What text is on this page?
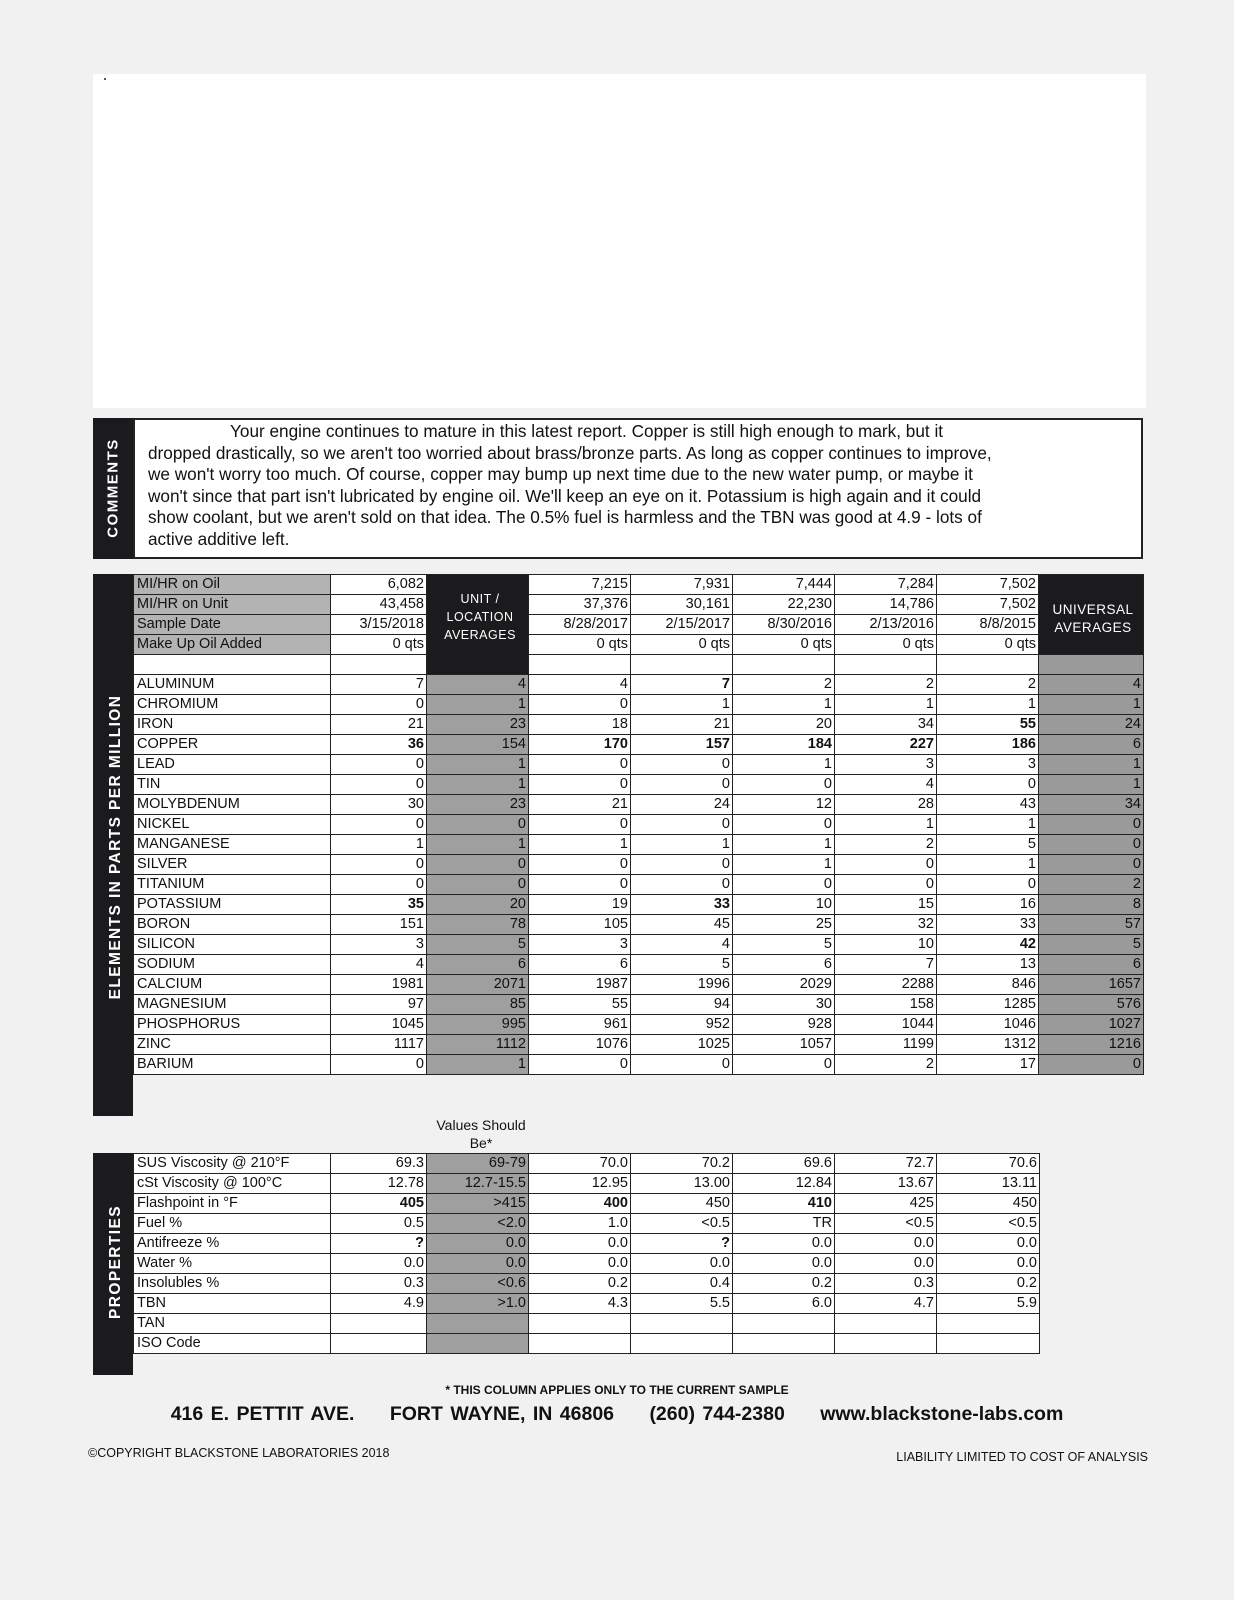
COMMENTS
Your engine continues to mature in this latest report. Copper is still high enough to mark, but it dropped drastically, so we aren't too worried about brass/bronze parts. As long as copper continues to improve, we won't worry too much. Of course, copper may bump up next time due to the new water pump, or maybe it won't since that part isn't lubricated by engine oil. We'll keep an eye on it. Potassium is high again and it could show coolant, but we aren't sold on that idea. The 0.5% fuel is harmless and the TBN was good at 4.9 - lots of active additive left.
ELEMENTS IN PARTS PER MILLION
MI/HR on Oil	6,082		7,215	7,931	7,444	7,284	7,502	
MI/HR on Unit	43,458		37,376	30,161	22,230	14,786	7,502	
Sample Date	3/15/2018		8/28/2017	2/15/2017	8/30/2016	2/13/2016	8/8/2015	
Make Up Oil Added	0 qts		0 qts	0 qts	0 qts	0 qts	0 qts	

ALUMINUM	7	4	4	7	2	2	2	4
CHROMIUM	0	1	0	1	1	1	1	1
IRON	21	23	18	21	20	34	55	24
COPPER	36	154	170	157	184	227	186	6
LEAD	0	1	0	0	1	3	3	1
TIN	0	1	0	0	0	4	0	1
MOLYBDENUM	30	23	21	24	12	28	43	34
NICKEL	0	0	0	0	0	1	1	0
MANGANESE	1	1	1	1	1	2	5	0
SILVER	0	0	0	0	1	0	1	0
TITANIUM	0	0	0	0	0	0	0	2
POTASSIUM	35	20	19	33	10	15	16	8
BORON	151	78	105	45	25	32	33	57
SILICON	3	5	3	4	5	10	42	5
SODIUM	4	6	6	5	6	7	13	6
CALCIUM	1981	2071	1987	1996	2029	2288	846	1657
MAGNESIUM	97	85	55	94	30	158	1285	576
PHOSPHORUS	1045	995	961	952	928	1044	1046	1027
ZINC	1117	1112	1076	1025	1057	1199	1312	1216
BARIUM	0	1	0	0	0	2	17	0
UNIT / LOCATION AVERAGES
UNIVERSAL AVERAGES
Values Should Be*
PROPERTIES
SUS Viscosity @ 210°F	69.3	69-79	70.0	70.2	69.6	72.7	70.6
cSt Viscosity @ 100°C	12.78	12.7-15.5	12.95	13.00	12.84	13.67	13.11
Flashpoint in °F	405	>415	400	450	410	425	450
Fuel %	0.5	<2.0	1.0	<0.5	TR	<0.5	<0.5
Antifreeze %	?	0.0	0.0	?	0.0	0.0	0.0
Water %	0.0	0.0	0.0	0.0	0.0	0.0	0.0
Insolubles %	0.3	<0.6	0.2	0.4	0.2	0.3	0.2
TBN	4.9	>1.0	4.3	5.5	6.0	4.7	5.9
TAN							
ISO Code							
* THIS COLUMN APPLIES ONLY TO THE CURRENT SAMPLE
416 E. PETTIT AVE. FORT WAYNE, IN 46806 (260) 744-2380 www.blackstone-labs.com
©COPYRIGHT BLACKSTONE LABORATORIES 2018	LIABILITY LIMITED TO COST OF ANALYSIS
